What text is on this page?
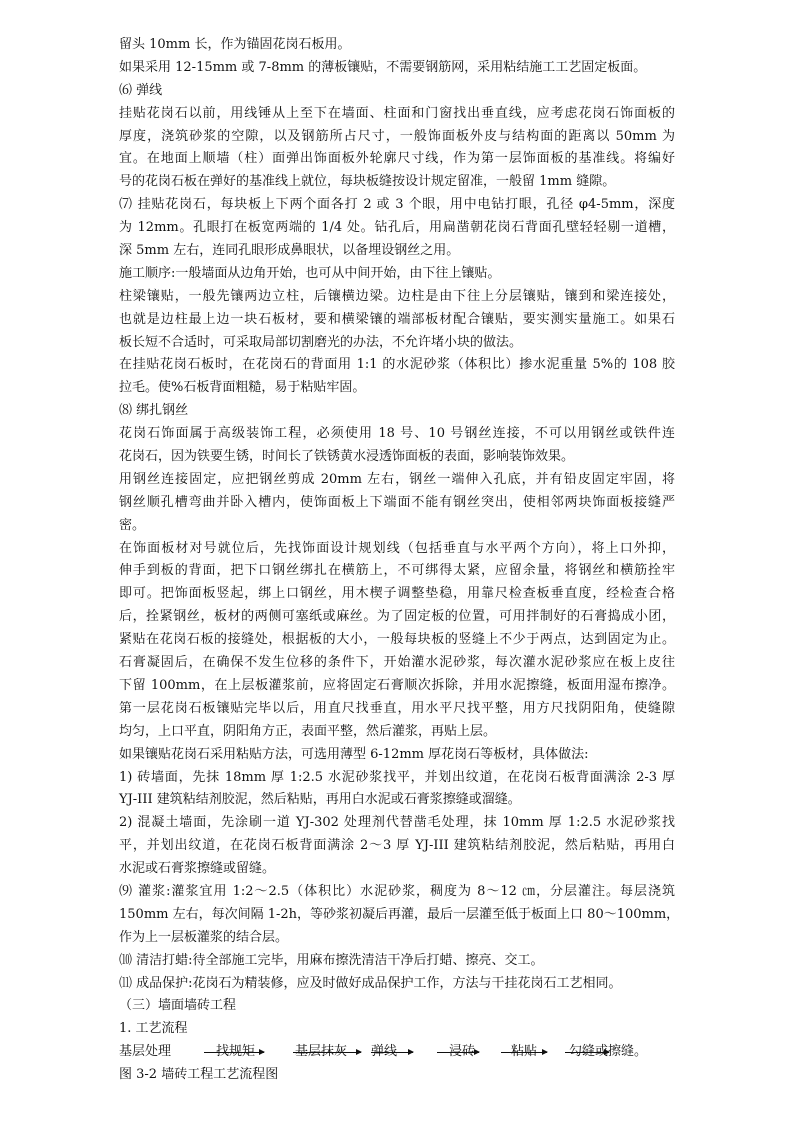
留头 10mm 长，作为锚固花岗石板用。
如果采用 12-15mm 或 7-8mm 的薄板镶贴，不需要钢筋网，采用粘结施工工艺固定板面。
⑹ 弹线
挂贴花岗石以前，用线锤从上至下在墙面、柱面和门窗找出垂直线，应考虑花岗石饰面板的
厚度，浇筑砂浆的空隙，以及钢筋所占尺寸，一般饰面板外皮与结构面的距离以 50mm 为
宜。在地面上顺墙（柱）面弹出饰面板外轮廓尺寸线，作为第一层饰面板的基准线。将编好
号的花岗石板在弹好的基准线上就位，每块板缝按设计规定留准，一般留 1mm 缝隙。
⑺ 挂贴花岗石，每块板上下两个面各打 2 或 3 个眼，用中电钻打眼，孔径 φ4-5mm，深度
为 12mm。孔眼打在板宽两端的 1/4 处。钻孔后，用扁凿朝花岗石背面孔壁轻轻剔一道槽，
深 5mm 左右，连同孔眼形成鼻眼状，以备埋设钢丝之用。
施工顺序:一般墙面从边角开始，也可从中间开始，由下往上镶贴。
柱梁镶贴，一般先镶两边立柱，后镶横边梁。边柱是由下往上分层镶贴，镶到和梁连接处，
也就是边柱最上边一块石板材，要和横梁镶的端部板材配合镶贴，要实测实量施工。如果石
板长短不合适时，可采取局部切割磨光的办法，不允许堵小块的做法。
在挂贴花岗石板时，在花岗石的背面用 1:1 的水泥砂浆（体积比）掺水泥重量 5%的 108 胶
拉毛。使%石板背面粗糙，易于粘贴牢固。
⑻ 绑扎钢丝
花岗石饰面属于高级装饰工程，必须使用 18 号、10 号钢丝连接，不可以用钢丝或铁件连
花岗石，因为铁要生锈，时间长了铁锈黄水浸透饰面板的表面，影响装饰效果。
用钢丝连接固定，应把钢丝剪成 20mm 左右，钢丝一端伸入孔底，并有铅皮固定牢固，将
钢丝顺孔槽弯曲并卧入槽内，使饰面板上下端面不能有钢丝突出，使相邻两块饰面板接缝严
密。
在饰面板材对号就位后，先找饰面设计规划线（包括垂直与水平两个方向），将上口外抑，
伸手到板的背面，把下口钢丝绑扎在横筋上，不可绑得太紧，应留余量，将钢丝和横筋拴牢
即可。把饰面板竖起，绑上口钢丝，用木楔子调整垫稳，用靠尺检查板垂直度，经检查合格
后，拴紧钢丝，板材的两侧可塞纸或麻丝。为了固定板的位置，可用拌制好的石膏捣成小团，
紧贴在花岗石板的接缝处，根据板的大小，一般每块板的竖缝上不少于两点，达到固定为止。
石膏凝固后，在确保不发生位移的条件下，开始灌水泥砂浆，每次灌水泥砂浆应在板上皮往
下留 100mm，在上层板灌浆前，应将固定石膏顺次拆除，并用水泥擦缝，板面用湿布擦净。
第一层花岗石板镶贴完毕以后，用直尺找垂直，用水平尺找平整，用方尺找阴阳角，使缝隙
均匀，上口平直，阴阳角方正，表面平整，然后灌浆，再贴上层。
如果镶贴花岗石采用粘贴方法，可选用薄型 6-12mm 厚花岗石等板材，具体做法:
1) 砖墙面，先抹 18mm 厚 1:2.5 水泥砂浆找平，并划出纹道，在花岗石板背面满涂 2-3 厚
YJ-III 建筑粘结剂胶泥，然后粘贴，再用白水泥或石膏浆擦缝或溜缝。
2) 混凝土墙面，先涂刷一道 YJ-302 处理剂代替凿毛处理，抹 10mm 厚 1:2.5 水泥砂浆找
平，并划出纹道，在花岗石板背面满涂 2～3 厚 YJ-III 建筑粘结剂胶泥，然后粘贴，再用白
水泥或石膏浆擦缝或留缝。
⑼ 灌浆:灌浆宜用 1:2～2.5（体积比）水泥砂浆，稠度为 8～12 ㎝，分层灌注。每层浇筑
150mm 左右，每次间隔 1-2h，等砂浆初凝后再灌，最后一层灌至低于板面上口 80～100mm，
作为上一层板灌浆的结合层。
⑽ 清洁打蜡:待全部施工完毕，用麻布擦洗清洁干净后打蜡、擦亮、交工。
⑾ 成品保护:花岗石为精装修，应及时做好成品保护工作，方法与干挂花岗石工艺相同。
（三）墙面墙砖工程
1. 工艺流程
基层处理	找规矩	基层抹灰 弹线	浸砖	粘贴 勾缝或擦缝。
图 3-2 墙砖工程工艺流程图
